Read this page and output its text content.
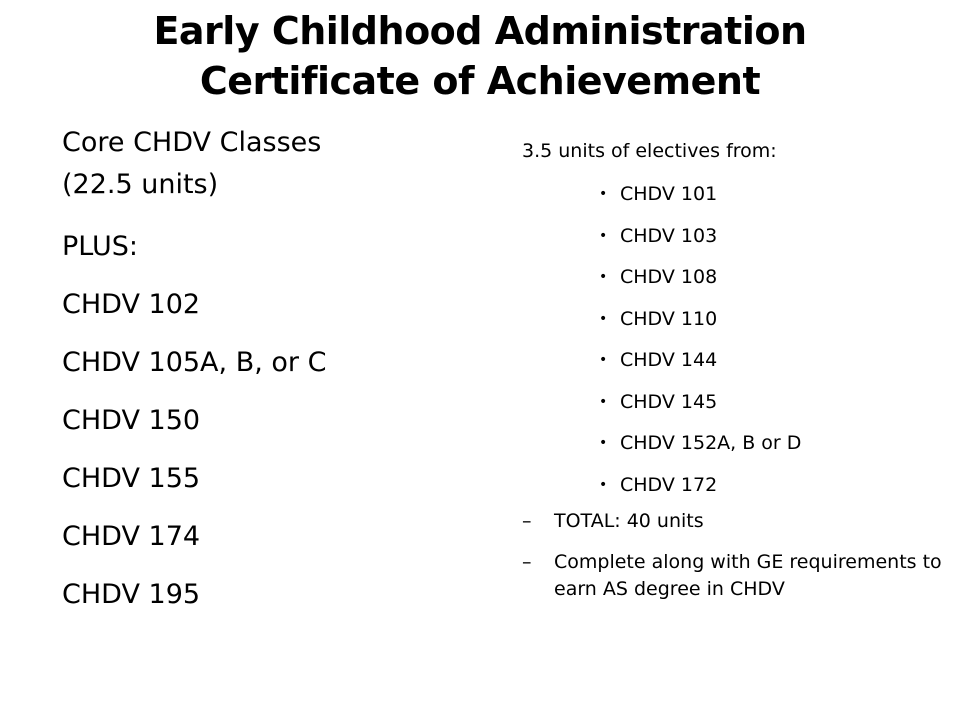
Early Childhood Administration
Certificate of Achievement
Core CHDV Classes
(22.5 units)
PLUS:
CHDV 102
CHDV 105A, B, or C
CHDV 150
CHDV 155
CHDV 174
CHDV 195
3.5 units of electives from:
• CHDV 101
• CHDV 103
• CHDV 108
• CHDV 110
• CHDV 144
• CHDV 145
• CHDV 152A, B or D
• CHDV 172
– TOTAL: 40 units
– Complete along with GE requirements to earn AS degree in CHDV
